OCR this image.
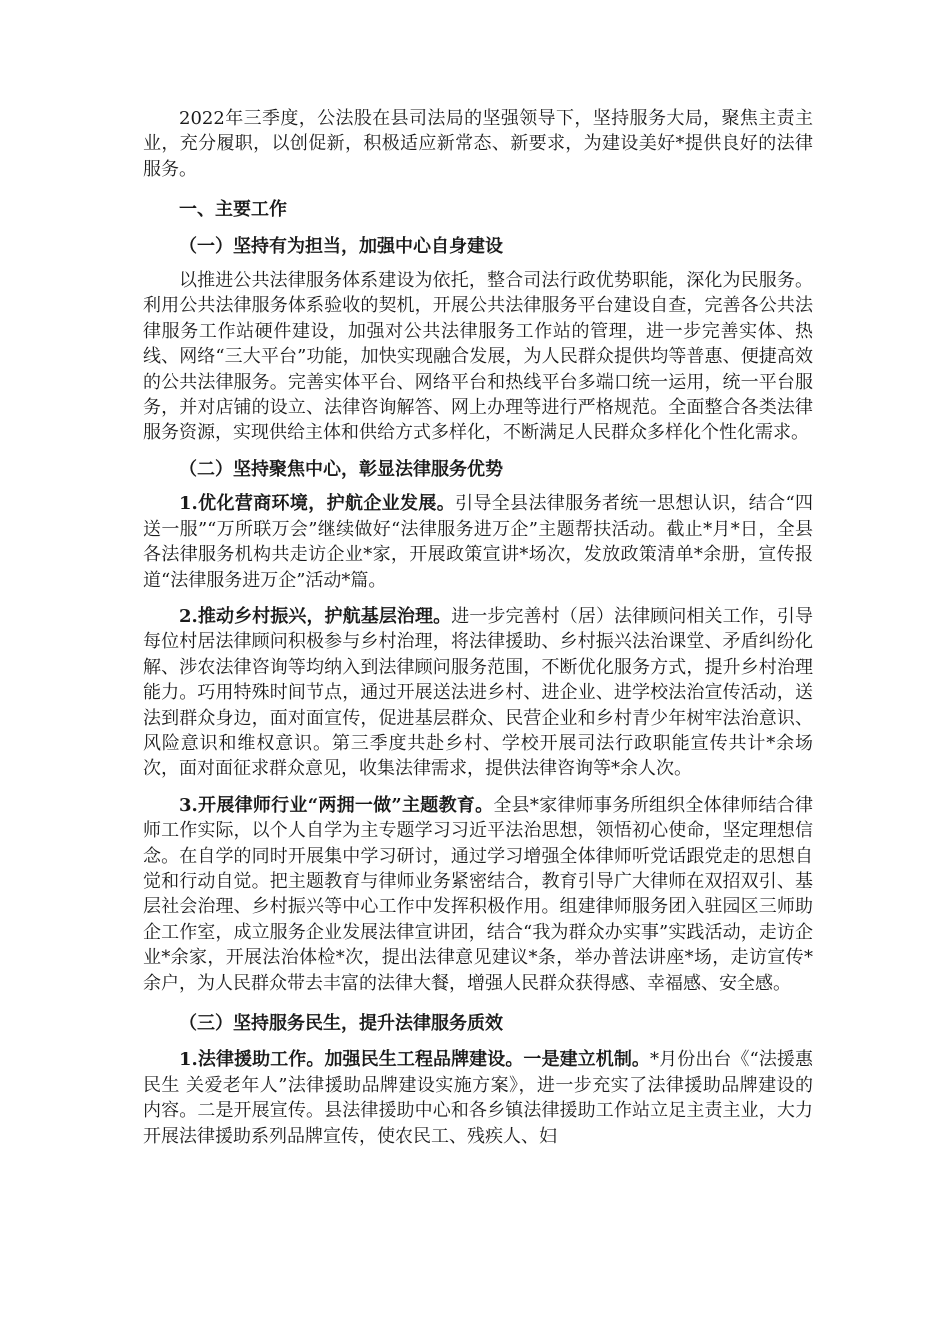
2022年三季度，公法股在县司法局的坚强领导下，坚持服务大局，聚焦主责主业，充分履职，以创促新，积极适应新常态、新要求，为建设美好*提供良好的法律服务。

一、主要工作
（一）坚持有为担当，加强中心自身建设

以推进公共法律服务体系建设为依托，整合司法行政优势职能，深化为民服务。利用公共法律服务体系验收的契机，开展公共法律服务平台建设自查，完善各公共法律服务工作站硬件建设，加强对公共法律服务工作站的管理，进一步完善实体、热线、网络“三大平台”功能，加快实现融合发展，为人民群众提供均等普惠、便捷高效的公共法律服务。完善实体平台、网络平台和热线平台多端口统一运用，统一平台服务，并对店铺的设立、法律咨询解答、网上办理等进行严格规范。全面整合各类法律服务资源，实现供给主体和供给方式多样化，不断满足人民群众多样化个性化需求。

（二）坚持聚焦中心，彰显法律服务优势

1.优化营商环境，护航企业发展。引导全县法律服务者统一思想认识，结合“四送一服”“万所联万会”继续做好“法律服务进万企”主题帮扶活动。截止*月*日，全县各法律服务机构共走访企业*家，开展政策宣讲*场次，发放政策清单*余册，宣传报道“法律服务进万企”活动*篇。

2.推动乡村振兴，护航基层治理。进一步完善村（居）法律顾问相关工作，引导每位村居法律顾问积极参与乡村治理，将法律援助、乡村振兴法治课堂、矛盾纠纷化解、涉农法律咨询等均纳入到法律顾问服务范围，不断优化服务方式，提升乡村治理能力。巧用特殊时间节点，通过开展送法进乡村、进企业、进学校法治宣传活动，送法到群众身边，面对面宣传，促进基层群众、民营企业和乡村青少年树牢法治意识、风险意识和维权意识。第三季度共赴乡村、学校开展司法行政职能宣传共计*余场次，面对面征求群众意见，收集法律需求，提供法律咨询等*余人次。

3.开展律师行业“两拥一做”主题教育。全县*家律师事务所组织全体律师结合律师工作实际，以个人自学为主专题学习习近平法治思想，领悟初心使命，坚定理想信念。在自学的同时开展集中学习研讨，通过学习增强全体律师听党话跟党走的思想自觉和行动自觉。把主题教育与律师业务紧密结合，教育引导广大律师在双招双引、基层社会治理、乡村振兴等中心工作中发挥积极作用。组建律师服务团入驻园区三师助企工作室，成立服务企业发展法律宣讲团，结合“我为群众办实事”实践活动，走访企业*余家，开展法治体检*次，提出法律意见建议*条，举办普法讲座*场，走访宣传*余户，为人民群众带去丰富的法律大餐，增强人民群众获得感、幸福感、安全感。

（三）坚持服务民生，提升法律服务质效

1.法律援助工作。加强民生工程品牌建设。一是建立机制。*月份出台《“法援惠民生 关爱老年人”法律援助品牌建设实施方案》，进一步充实了法律援助品牌建设的内容。二是开展宣传。县法律援助中心和各乡镇法律援助工作站立足主责主业，大力开展法律援助系列品牌宣传，使农民工、残疾人、妇
